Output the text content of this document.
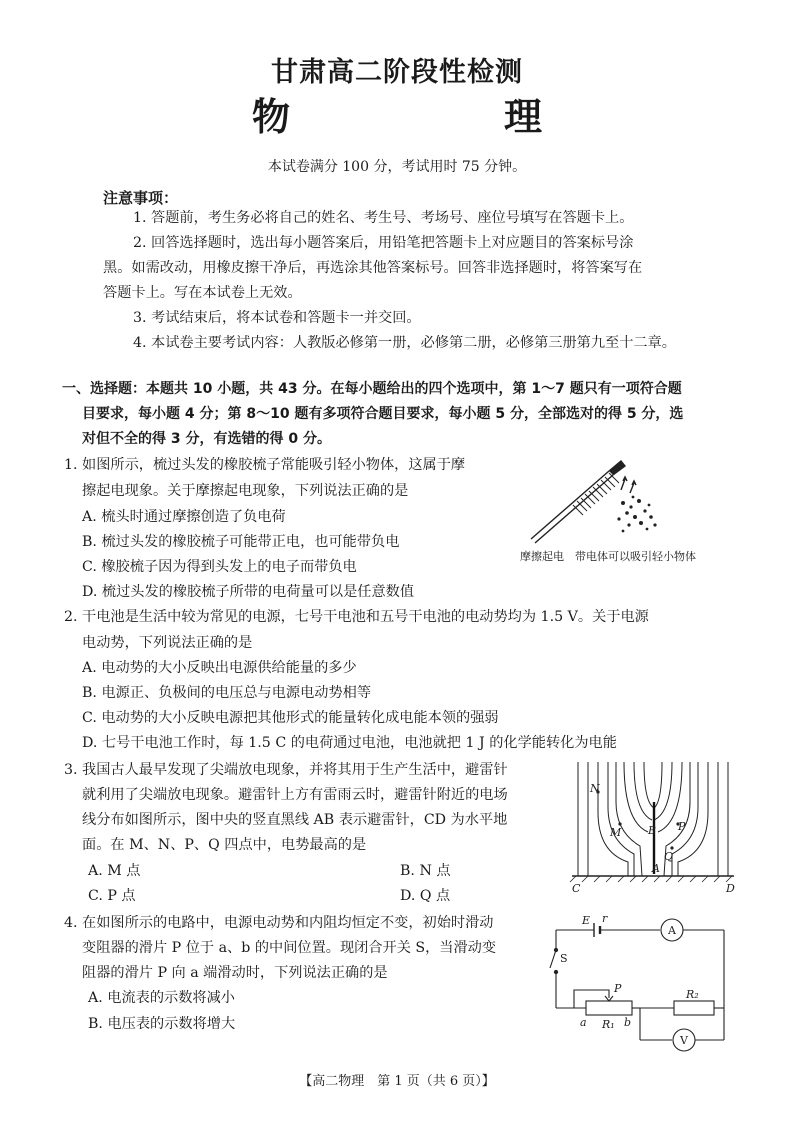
甘肃高二阶段性检测
物　理
本试卷满分 100 分，考试用时 75 分钟。
注意事项：
1. 答题前，考生务必将自己的姓名、考生号、考场号、座位号填写在答题卡上。
2. 回答选择题时，选出每小题答案后，用铅笔把答题卡上对应题目的答案标号涂
黑。如需改动，用橡皮擦干净后，再选涂其他答案标号。回答非选择题时，将答案写在
答题卡上。写在本试卷上无效。
3. 考试结束后，将本试卷和答题卡一并交回。
4. 本试卷主要考试内容：人教版必修第一册，必修第二册，必修第三册第九至十二章。
一、选择题：本题共 10 小题，共 43 分。在每小题给出的四个选项中，第 1～7 题只有一项符合题
目要求，每小题 4 分；第 8～10 题有多项符合题目要求，每小题 5 分，全部选对的得 5 分，选
对但不全的得 3 分，有选错的得 0 分。
1. 如图所示，梳过头发的橡胶梳子常能吸引轻小物体，这属于摩
擦起电现象。关于摩擦起电现象，下列说法正确的是
A. 梳头时通过摩擦创造了负电荷
B. 梳过头发的橡胶梳子可能带正电，也可能带负电
C. 橡胶梳子因为得到头发上的电子而带负电
D. 梳过头发的橡胶梳子所带的电荷量可以是任意数值
摩擦起电　带电体可以吸引轻小物体
2. 干电池是生活中较为常见的电源，七号干电池和五号干电池的电动势均为 1.5 V。关于电源
电动势，下列说法正确的是
A. 电动势的大小反映出电源供给能量的多少
B. 电源正、负极间的电压总与电源电动势相等
C. 电动势的大小反映电源把其他形式的能量转化成电能本领的强弱
D. 七号干电池工作时，每 1.5 C 的电荷通过电池，电池就把 1 J 的化学能转化为电能
3. 我国古人最早发现了尖端放电现象，并将其用于生产生活中，避雷针
就利用了尖端放电现象。避雷针上方有雷雨云时，避雷针附近的电场
线分布如图所示，图中央的竖直黑线 AB 表示避雷针，CD 为水平地
面。在 M、N、P、Q 四点中，电势最高的是
A. M 点	B. N 点
C. P 点	D. Q 点
N
M B P
Q
A
C	D
4. 在如图所示的电路中，电源电动势和内阻均恒定不变，初始时滑动
变阻器的滑片 P 位于 a、b 的中间位置。现闭合开关 S，当滑动变
阻器的滑片 P 向 a 端滑动时，下列说法正确的是
A. 电流表的示数将减小
B. 电压表的示数将增大
E r
A
S
P
a R₁ b
R₂
V
【高二物理　第 1 页（共 6 页）】
